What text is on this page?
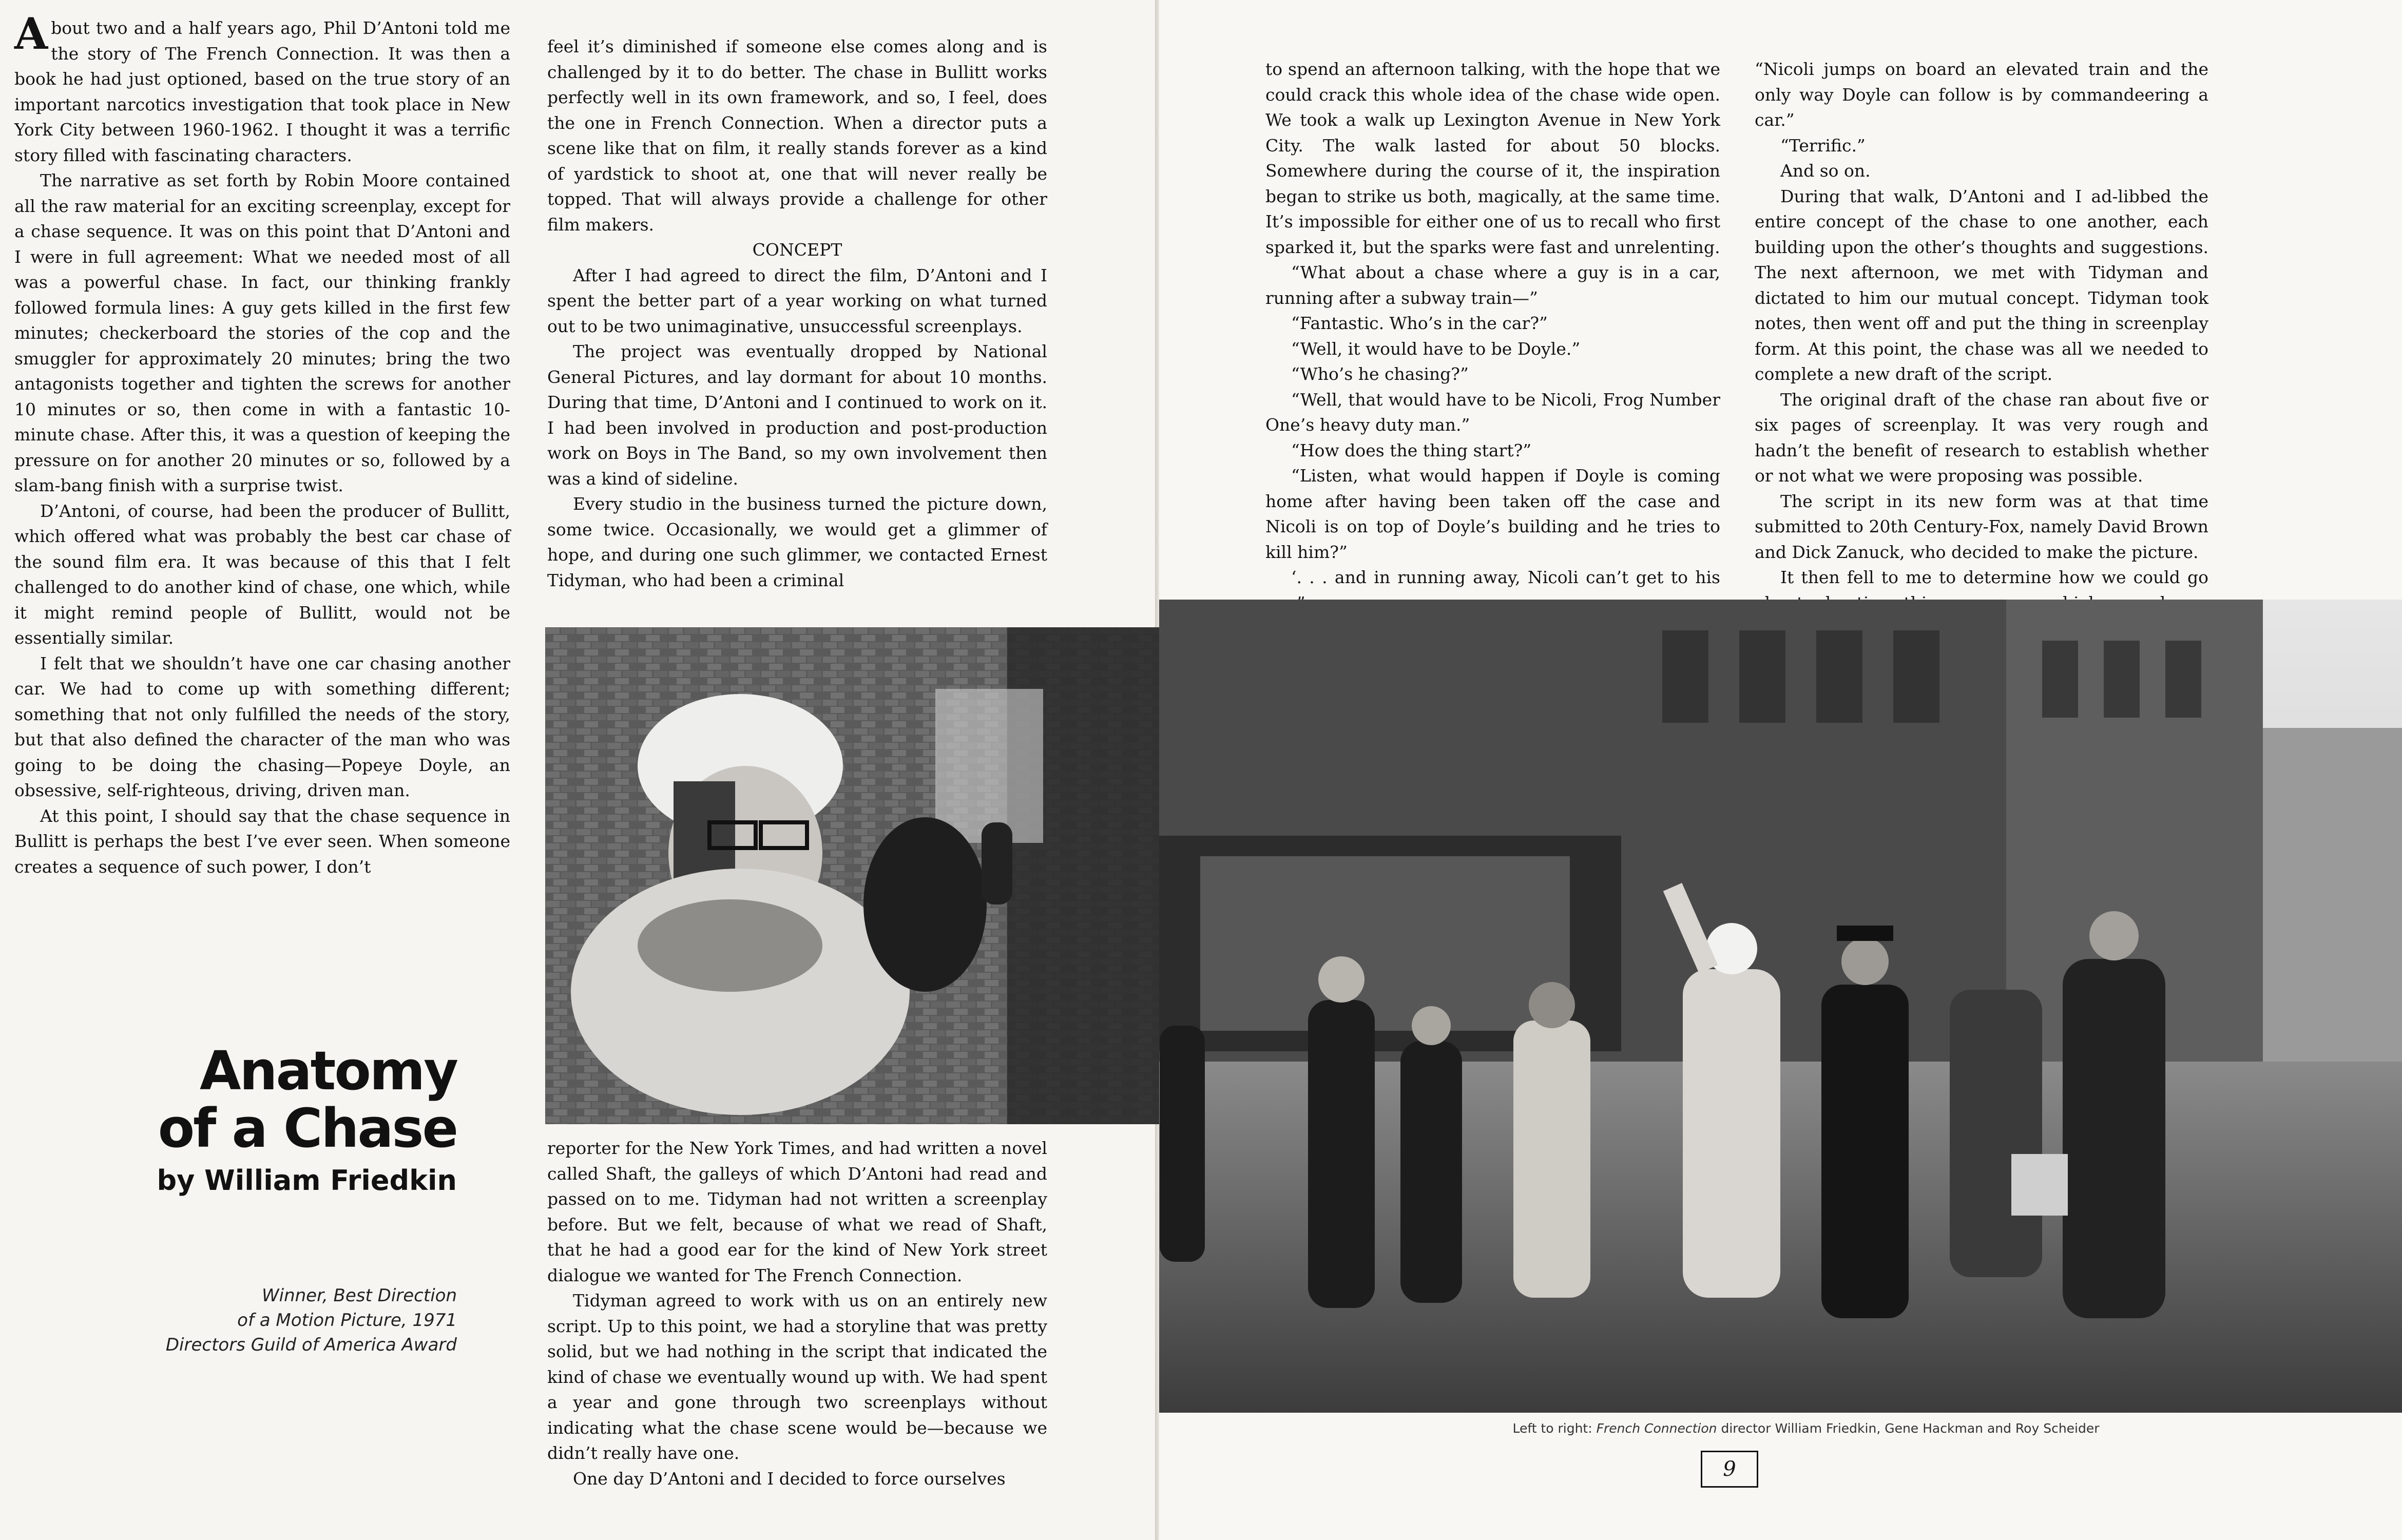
About two and a half years ago, Phil D’Antoni told me the story of The French Connection. It was then a book he had just optioned, based on the true story of an important narcotics investigation that took place in New York City between 1960-1962. I thought it was a terrific story filled with fascinating characters.

The narrative as set forth by Robin Moore contained all the raw material for an exciting screenplay, except for a chase sequence. It was on this point that D’Antoni and I were in full agreement: What we needed most of all was a powerful chase. In fact, our thinking frankly followed formula lines: A guy gets killed in the first few minutes; checkerboard the stories of the cop and the smuggler for approximately 20 minutes; bring the two antagonists together and tighten the screws for another 10 minutes or so, then come in with a fantastic 10-minute chase. After this, it was a question of keeping the pressure on for another 20 minutes or so, followed by a slam-bang finish with a surprise twist.

D’Antoni, of course, had been the producer of Bullitt, which offered what was probably the best car chase of the sound film era. It was because of this that I felt challenged to do another kind of chase, one which, while it might remind people of Bullitt, would not be essentially similar.

I felt that we shouldn’t have one car chasing another car. We had to come up with something different; something that not only fulfilled the needs of the story, but that also defined the character of the man who was going to be doing the chasing—Popeye Doyle, an obsessive, self-righteous, driving, driven man.

At this point, I should say that the chase sequence in Bullitt is perhaps the best I’ve ever seen. When someone creates a sequence of such power, I don’t

feel it’s diminished if someone else comes along and is challenged by it to do better. The chase in Bullitt works perfectly well in its own framework, and so, I feel, does the one in French Connection. When a director puts a scene like that on film, it really stands forever as a kind of yardstick to shoot at, one that will never really be topped. That will always provide a challenge for other film makers.

CONCEPT

After I had agreed to direct the film, D’Antoni and I spent the better part of a year working on what turned out to be two unimaginative, unsuccessful screenplays.

The project was eventually dropped by National General Pictures, and lay dormant for about 10 months. During that time, D’Antoni and I continued to work on it. I had been involved in production and post-production work on Boys in The Band, so my own involvement then was a kind of sideline.

Every studio in the business turned the picture down, some twice. Occasionally, we would get a glimmer of hope, and during one such glimmer, we contacted Ernest Tidyman, who had been a criminal

reporter for the New York Times, and had written a novel called Shaft, the galleys of which D’Antoni had read and passed on to me. Tidyman had not written a screenplay before. But we felt, because of what we read of Shaft, that he had a good ear for the kind of New York street dialogue we wanted for The French Connection.

Tidyman agreed to work with us on an entirely new script. Up to this point, we had a storyline that was pretty solid, but we had nothing in the script that indicated the kind of chase we eventually wound up with. We had spent a year and gone through two screenplays without indicating what the chase scene would be—because we didn’t really have one.

One day D’Antoni and I decided to force ourselves

Anatomy
of a Chase
by William Friedkin
Winner, Best Direction
of a Motion Picture, 1971
Directors Guild of America Award

to spend an afternoon talking, with the hope that we could crack this whole idea of the chase wide open. We took a walk up Lexington Avenue in New York City. The walk lasted for about 50 blocks. Somewhere during the course of it, the inspiration began to strike us both, magically, at the same time. It’s impossible for either one of us to recall who first sparked it, but the sparks were fast and unrelenting.

“What about a chase where a guy is in a car, running after a subway train—”

“Fantastic. Who’s in the car?”

“Well, it would have to be Doyle.”

“Who’s he chasing?”

“Well, that would have to be Nicoli, Frog Number One’s heavy duty man.”

“How does the thing start?”

“Listen, what would happen if Doyle is coming home after having been taken off the case and Nicoli is on top of Doyle’s building and he tries to kill him?”

‘. . . and in running away, Nicoli can’t get to his

“Nicoli jumps on board an elevated train and the only way Doyle can follow is by commandeering a car.”

“Terrific.”

And so on.

During that walk, D’Antoni and I ad-libbed the entire concept of the chase to one another, each building upon the other’s thoughts and suggestions. The next afternoon, we met with Tidyman and dictated to him our mutual concept. Tidyman took notes, then went off and put the thing in screenplay form. At this point, the chase was all we needed to complete a new draft of the script.

The original draft of the chase ran about five or six pages of screenplay. It was very rough and hadn’t the benefit of research to establish whether or not what we were proposing was possible.

The script in its new form was at that time submitted to 20th Century-Fox, namely David Brown and Dick Zanuck, who decided to make the picture.

It then fell to me to determine how we could go

Left to right: French Connection director William Friedkin, Gene Hackman and Roy Scheider
9
